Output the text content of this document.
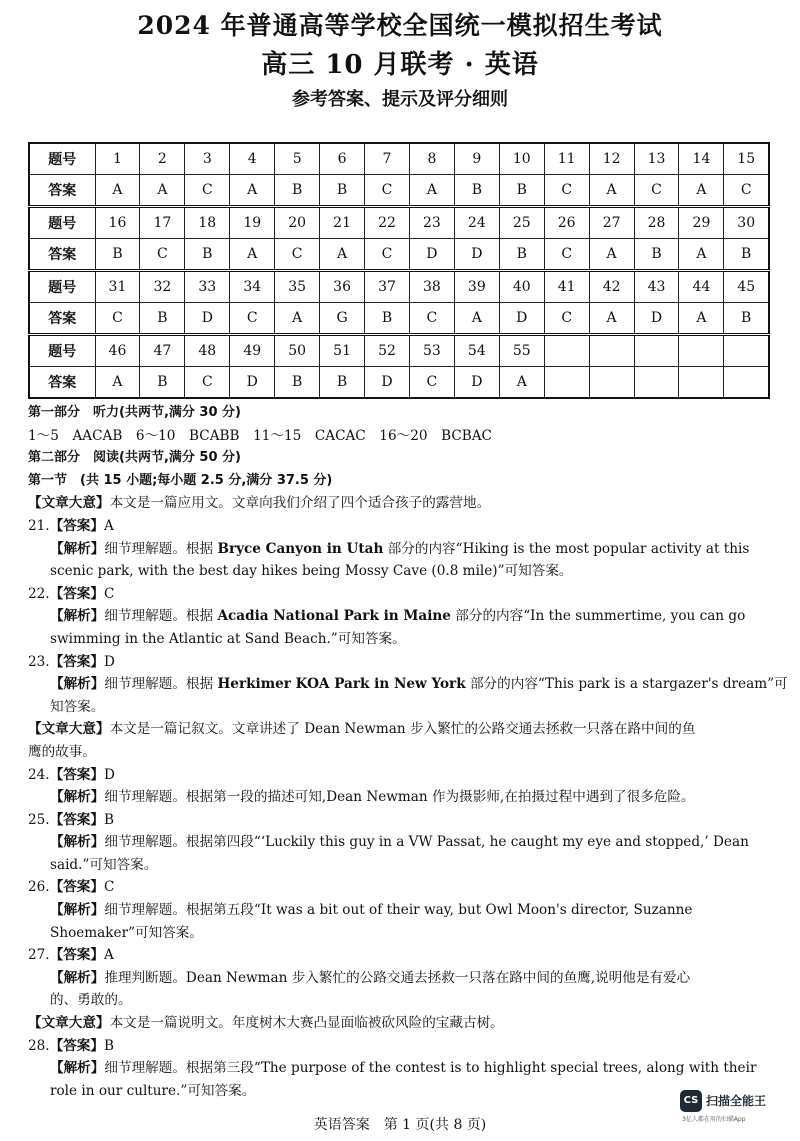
2024 年普通高等学校全国统一模拟招生考试
高三 10 月联考 · 英语
参考答案、提示及评分细则
题号	1	2	3	4	5	6	7	8	9	10	11	12	13	14	15
答案	A	A	C	A	B	B	C	A	B	B	C	A	C	A	C
题号	16	17	18	19	20	21	22	23	24	25	26	27	28	29	30
答案	B	C	B	A	C	A	C	D	D	B	C	A	B	A	B
题号	31	32	33	34	35	36	37	38	39	40	41	42	43	44	45
答案	C	B	D	C	A	G	B	C	A	D	C	A	D	A	B
题号	46	47	48	49	50	51	52	53	54	55					
答案	A	B	C	D	B	B	D	C	D	A					
第一部分　听力(共两节,满分 30 分)
1～5　AACAB　6～10　BCABB　11～15　CACAC　16～20　BCBAC
第二部分　阅读(共两节,满分 50 分)
第一节　(共 15 小题;每小题 2.5 分,满分 37.5 分)
【文章大意】本文是一篇应用文。文章向我们介绍了四个适合孩子的露营地。
21.【答案】A
【解析】细节理解题。根据 Bryce Canyon in Utah 部分的内容“Hiking is the most popular activity at this
scenic park, with the best day hikes being Mossy Cave (0.8 mile)”可知答案。
22.【答案】C
【解析】细节理解题。根据 Acadia National Park in Maine 部分的内容“In the summertime, you can go
swimming in the Atlantic at Sand Beach.”可知答案。
23.【答案】D
【解析】细节理解题。根据 Herkimer KOA Park in New York 部分的内容“This park is a stargazer's dream”可
知答案。
【文章大意】本文是一篇记叙文。文章讲述了 Dean Newman 步入繁忙的公路交通去拯救一只落在路中间的鱼
鹰的故事。
24.【答案】D
【解析】细节理解题。根据第一段的描述可知,Dean Newman 作为摄影师,在拍摄过程中遇到了很多危险。
25.【答案】B
【解析】细节理解题。根据第四段“‘Luckily this guy in a VW Passat, he caught my eye and stopped,’ Dean
said.”可知答案。
26.【答案】C
【解析】细节理解题。根据第五段“It was a bit out of their way, but Owl Moon's director, Suzanne
Shoemaker”可知答案。
27.【答案】A
【解析】推理判断题。Dean Newman 步入繁忙的公路交通去拯救一只落在路中间的鱼鹰,说明他是有爱心
的、勇敢的。
【文章大意】本文是一篇说明文。年度树木大赛凸显面临被砍风险的宝藏古树。
28.【答案】B
【解析】细节理解题。根据第三段“The purpose of the contest is to highlight special trees, along with their
role in our culture.”可知答案。
CS 扫描全能王
3亿人都在用的扫描App
英语答案　第 1 页(共 8 页)
